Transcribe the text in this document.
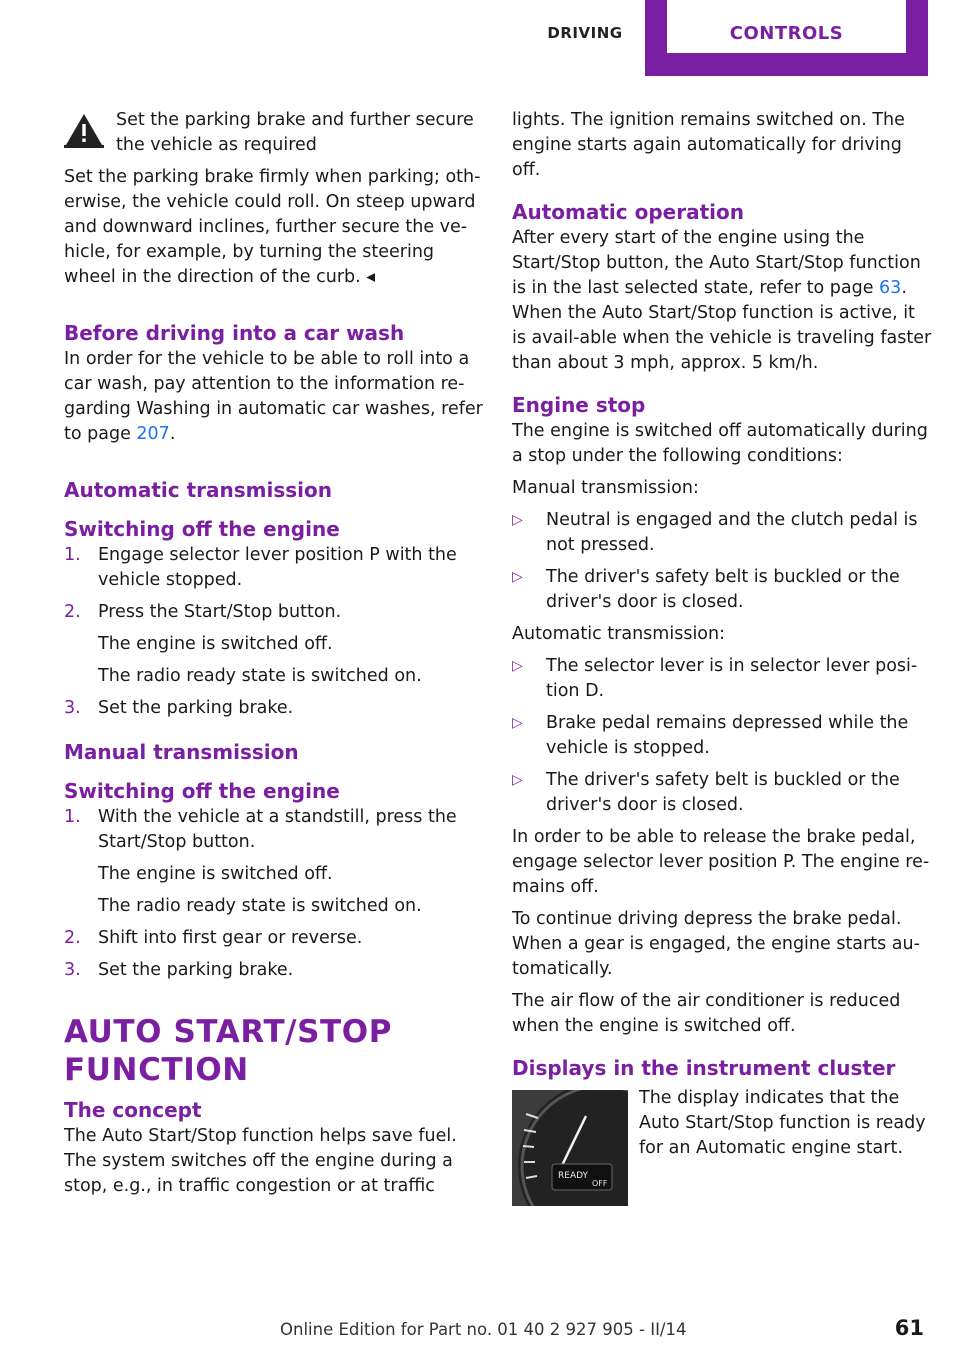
DRIVING	CONTROLS
Set the parking brake and further secure
the vehicle as required

Set the parking brake firmly when parking; oth-erwise, the vehicle could roll. On steep upward and downward inclines, further secure the ve-hicle, for example, by turning the steering wheel in the direction of the curb. ◂

Before driving into a car wash

In order for the vehicle to be able to roll into a car wash, pay attention to the information re-garding Washing in automatic car washes, refer to page 207.

Automatic transmission
Switching off the engine
1. Engage selector lever position P with the vehicle stopped.
2. Press the Start/Stop button.
The engine is switched off.
The radio ready state is switched on.
3. Set the parking brake.
Manual transmission
Switching off the engine
1. With the vehicle at a standstill, press the Start/Stop button.
The engine is switched off.
The radio ready state is switched on.
2. Shift into first gear or reverse.
3. Set the parking brake.
AUTO START/STOP FUNCTION
The concept

The Auto Start/Stop function helps save fuel. The system switches off the engine during a stop, e.g., in traffic congestion or at traffic

lights. The ignition remains switched on. The engine starts again automatically for driving off.

Automatic operation

After every start of the engine using the Start/Stop button, the Auto Start/Stop function is in the last selected state, refer to page 63. When the Auto Start/Stop function is active, it is avail-able when the vehicle is traveling faster than about 3 mph, approx. 5 km/h.

Engine stop

The engine is switched off automatically during a stop under the following conditions:

Manual transmission:

▷ Neutral is engaged and the clutch pedal is not pressed.
▷ The driver's safety belt is buckled or the driver's door is closed.

Automatic transmission:

▷ The selector lever is in selector lever posi-tion D.
▷ Brake pedal remains depressed while the vehicle is stopped.
▷ The driver's safety belt is buckled or the driver's door is closed.

In order to be able to release the brake pedal, engage selector lever position P. The engine re-mains off.

To continue driving depress the brake pedal. When a gear is engaged, the engine starts au-tomatically.

The air flow of the air conditioner is reduced when the engine is switched off.

Displays in the instrument cluster
READY
OFF
The display indicates that the Auto Start/Stop function is ready for an Automatic engine start.
Online Edition for Part no. 01 40 2 927 905 - II/14	61
